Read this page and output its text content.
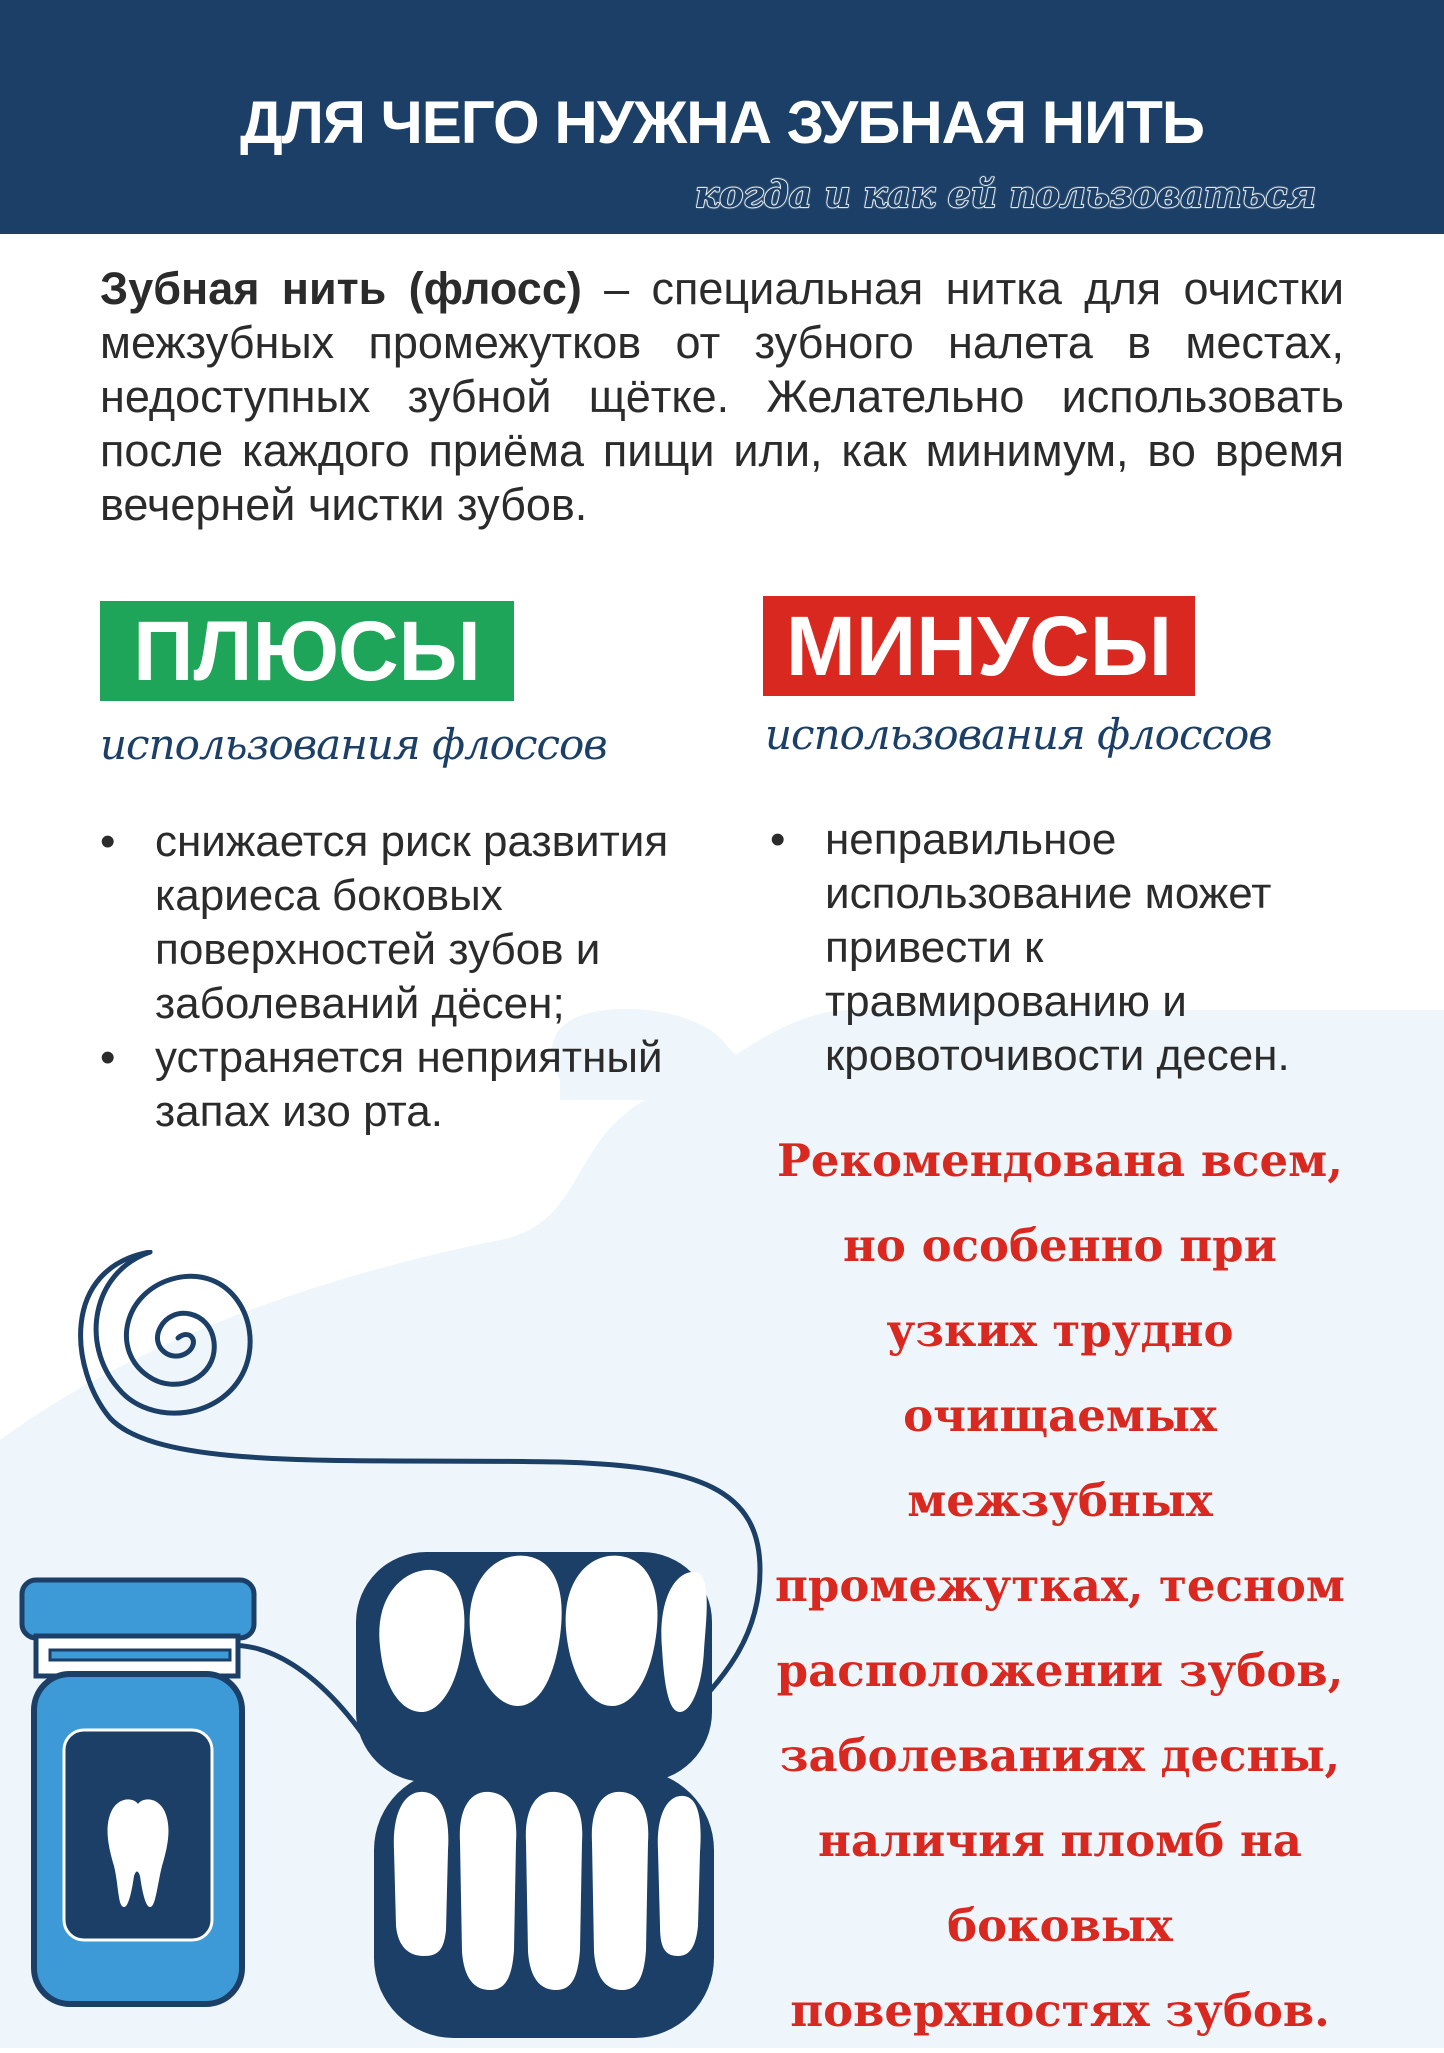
ДЛЯ ЧЕГО НУЖНА ЗУБНАЯ НИТЬ
когда и как ей пользоваться
Зубная нить (флосс) – специальная нитка для очистки межзубных промежутков от зубного налета в местах, недоступных зубной щётке. Желательно использовать после каждого приёма пищи или, как минимум, во время вечерней чистки зубов.
ПЛЮСЫ
использования флоссов
• снижается риск развития кариеса боковых поверхностей зубов и заболеваний дёсен;
• устраняется неприятный запах изо рта.
МИНУСЫ
использования флоссов
• неправильное использование может привести к травмированию и кровоточивости десен.
Рекомендована всем, но особенно при узких трудно очищаемых межзубных промежутках, тесном расположении зубов, заболеваниях десны, наличия пломб на боковых поверхностях зубов.
